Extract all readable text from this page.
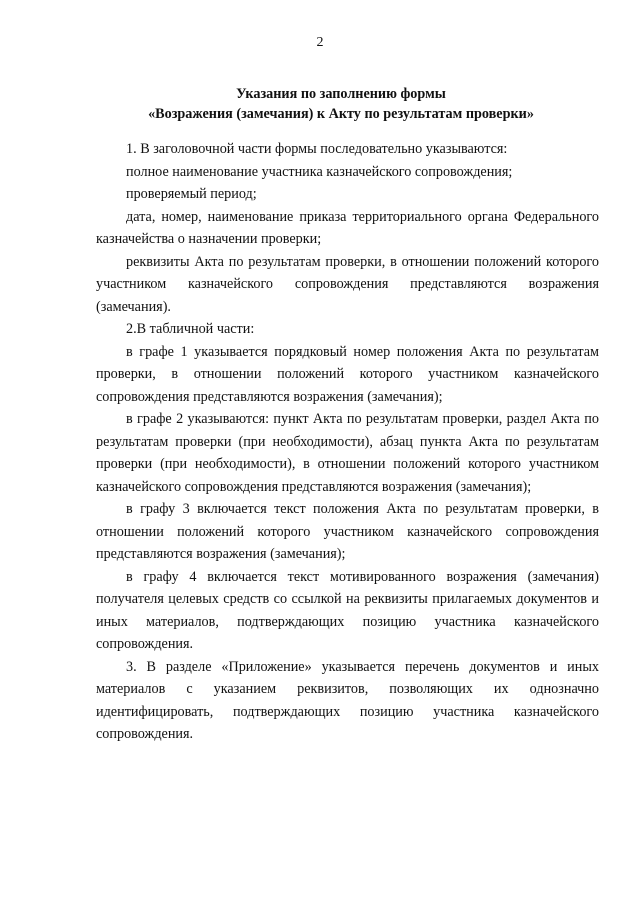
2
Указания по заполнению формы
«Возражения (замечания) к Акту по результатам проверки»

1. В заголовочной части формы последовательно указываются:

полное наименование участника казначейского сопровождения;

проверяемый период;

дата, номер, наименование приказа территориального органа Федерального казначейства о назначении проверки;

реквизиты Акта по результатам проверки, в отношении положений которого участником казначейского сопровождения представляются возражения (замечания).

2.В табличной части:

в графе 1 указывается порядковый номер положения Акта по результатам проверки, в отношении положений которого участником казначейского сопровождения представляются возражения (замечания);

в графе 2 указываются: пункт Акта по результатам проверки, раздел Акта по результатам проверки (при необходимости), абзац пункта Акта по результатам проверки (при необходимости), в отношении положений которого участником казначейского сопровождения представляются возражения (замечания);

в графу 3 включается текст положения Акта по результатам проверки, в отношении положений которого участником казначейского сопровождения представляются возражения (замечания);

в графу 4 включается текст мотивированного возражения (замечания) получателя целевых средств со ссылкой на реквизиты прилагаемых документов и иных материалов, подтверждающих позицию участника казначейского сопровождения.

3. В разделе «Приложение» указывается перечень документов и иных материалов с указанием реквизитов, позволяющих их однозначно идентифицировать, подтверждающих позицию участника казначейского сопровождения.
